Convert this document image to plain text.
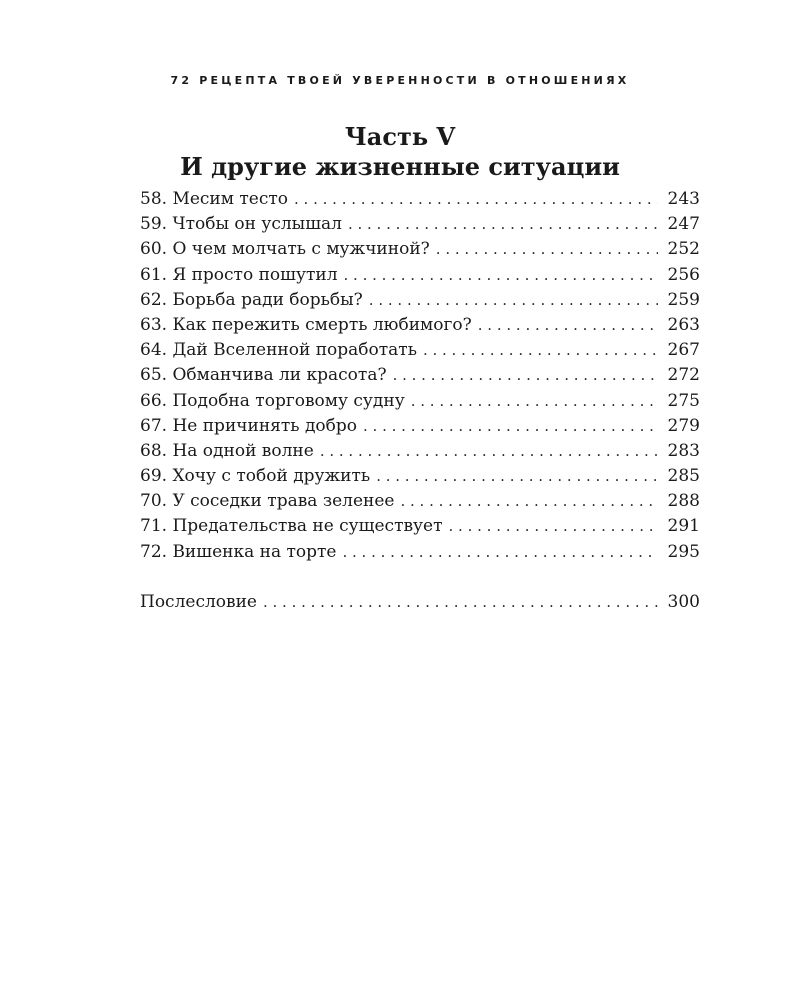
72 РЕЦЕПТА ТВОЕЙ УВЕРЕННОСТИ В ОТНОШЕНИЯХ
Часть V
И другие жизненные ситуации
58. Месим тесто . . .	243
59. Чтобы он услышал . . .	247
60. О чем молчать с мужчиной? . . .	252
61. Я просто пошутил . . .	256
62. Борьба ради борьбы? . . .	259
63. Как пережить смерть любимого? . . .	263
64. Дай Вселенной поработать . . .	267
65. Обманчива ли красота? . . .	272
66. Подобна торговому судну . . .	275
67. Не причинять добро . . .	279
68. На одной волне . . .	283
69. Хочу с тобой дружить . . .	285
70. У соседки трава зеленее . . .	288
71. Предательства не существует . . .	291
72. Вишенка на торте . . .	295
Послесловие . . .	300
